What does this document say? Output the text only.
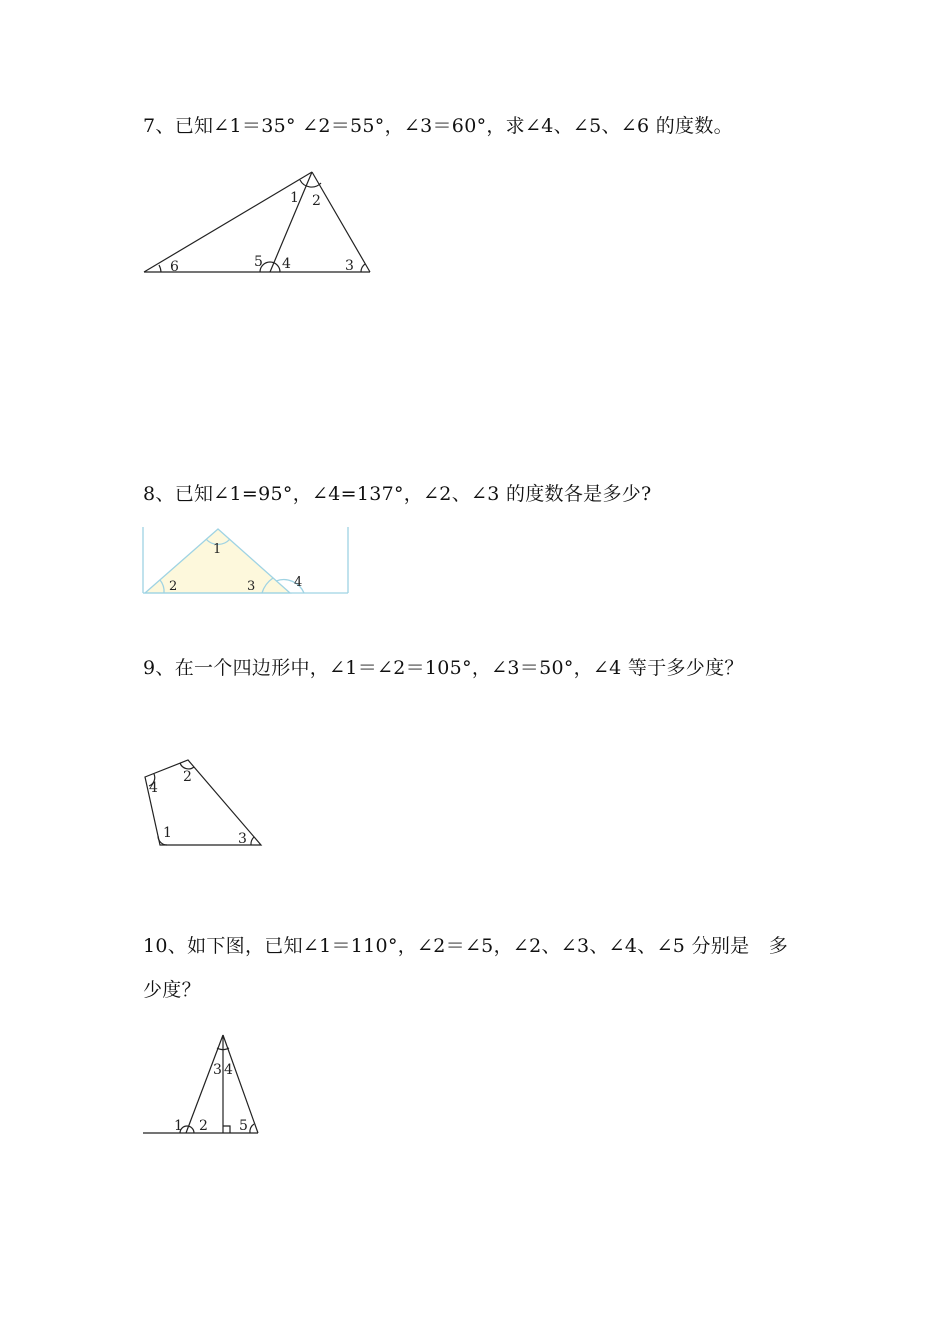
7、已知∠1＝35° ∠2＝55°，∠3＝60°，求∠4、∠5、∠6 的度数。
1 2
3
4
5
6
8、已知∠1=95°，∠4=137°，∠2、∠3 的度数各是多少?
1
2	3	4
9、在一个四边形中，∠1＝∠2＝105°，∠3＝50°，∠4 等于多少度？
1
2
3
4
10、如下图，已知∠1＝110°，∠2＝∠5，∠2、∠3、∠4、∠5 分别是　多少度？
1 2
3 4
5
